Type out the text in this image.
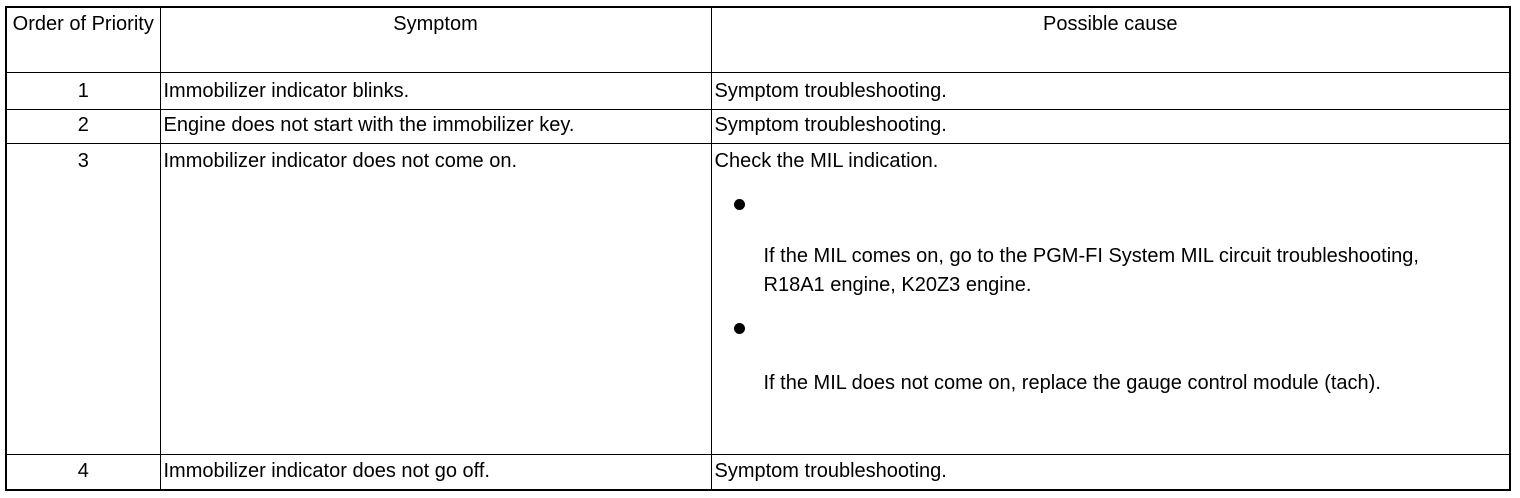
Order of Priority	Symptom	Possible cause
1	Immobilizer indicator blinks.	Symptom troubleshooting.
2	Engine does not start with the immobilizer key.	Symptom troubleshooting.
3	Immobilizer indicator does not come on.	Check the MIL indication.
If the MIL comes on, go to the PGM-FI System MIL circuit troubleshooting, R18A1 engine, K20Z3 engine.
If the MIL does not come on, replace the gauge control module (tach).

4	Immobilizer indicator does not go off.	Symptom troubleshooting.
